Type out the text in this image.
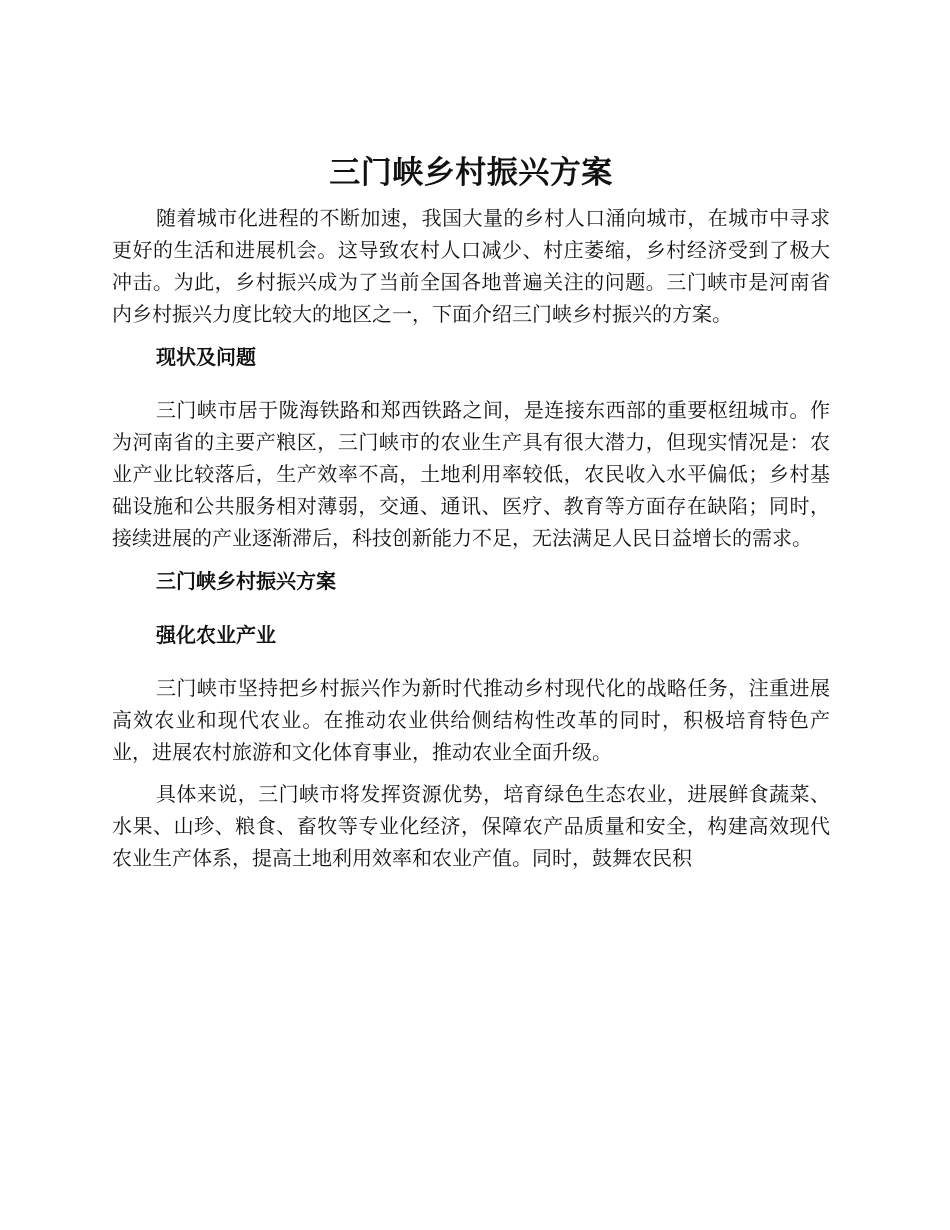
三门峡乡村振兴方案

随着城市化进程的不断加速，我国大量的乡村人口涌向城市，在城市中寻求更好的生活和进展机会。这导致农村人口减少、村庄萎缩，乡村经济受到了极大冲击。为此，乡村振兴成为了当前全国各地普遍关注的问题。三门峡市是河南省内乡村振兴力度比较大的地区之一，下面介绍三门峡乡村振兴的方案。

现状及问题

三门峡市居于陇海铁路和郑西铁路之间，是连接东西部的重要枢纽城市。作为河南省的主要产粮区，三门峡市的农业生产具有很大潜力，但现实情况是：农业产业比较落后，生产效率不高，土地利用率较低，农民收入水平偏低；乡村基础设施和公共服务相对薄弱，交通、通讯、医疗、教育等方面存在缺陷；同时，接续进展的产业逐渐滞后，科技创新能力不足，无法满足人民日益增长的需求。

三门峡乡村振兴方案
强化农业产业

三门峡市坚持把乡村振兴作为新时代推动乡村现代化的战略任务，注重进展高效农业和现代农业。在推动农业供给侧结构性改革的同时，积极培育特色产业，进展农村旅游和文化体育事业，推动农业全面升级。

具体来说，三门峡市将发挥资源优势，培育绿色生态农业，进展鲜食蔬菜、水果、山珍、粮食、畜牧等专业化经济，保障农产品质量和安全，构建高效现代农业生产体系，提高土地利用效率和农业产值。同时，鼓舞农民积
